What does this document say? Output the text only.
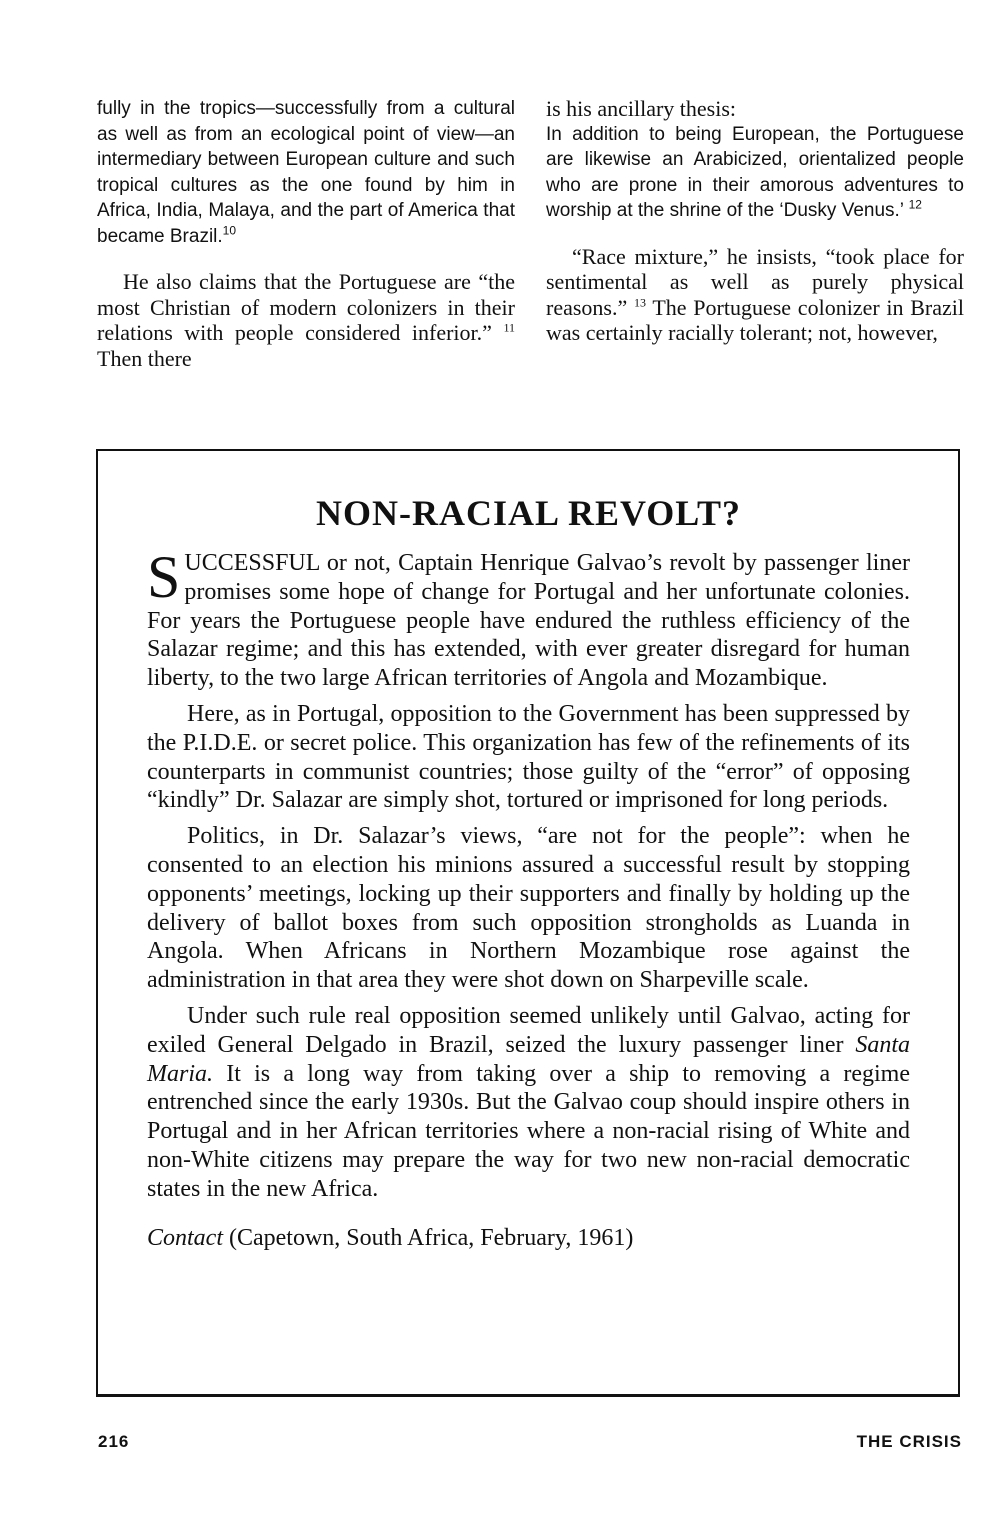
fully in the tropics—successfully from a cultural as well as from an ecological point of view—an intermediary between European culture and such tropical cultures as the one found by him in Africa, India, Malaya, and the part of America that became Brazil.$^{10}$

He also claims that the Portuguese are “the most Christian of modern colonizers in their relations with people considered inferior.” $^{11}$ Then there

is his ancillary thesis:

In addition to being European, the Portuguese are likewise an Arabicized, orientalized people who are prone in their amorous adventures to worship at the shrine of the ‘Dusky Venus.’ $^{12}$

“Race mixture,” he insists, “took place for sentimental as well as purely physical reasons.” $^{13}$ The Portuguese colonizer in Brazil was certainly racially tolerant; not, however,

NON-RACIAL REVOLT?

SUCCESSFUL or not, Captain Henrique Galvao’s revolt by passenger liner promises some hope of change for Portugal and her unfortunate colonies. For years the Portuguese people have endured the ruthless efficiency of the Salazar regime; and this has extended, with ever greater disregard for human liberty, to the two large African territories of Angola and Mozambique.

Here, as in Portugal, opposition to the Government has been suppressed by the P.I.D.E. or secret police. This organization has few of the refinements of its counterparts in communist countries; those guilty of the “error” of opposing “kindly” Dr. Salazar are simply shot, tortured or imprisoned for long periods.

Politics, in Dr. Salazar’s views, “are not for the people”: when he consented to an election his minions assured a successful result by stopping opponents’ meetings, locking up their supporters and finally by holding up the delivery of ballot boxes from such opposition strongholds as Luanda in Angola. When Africans in Northern Mozambique rose against the administration in that area they were shot down on Sharpeville scale.

Under such rule real opposition seemed unlikely until Galvao, acting for exiled General Delgado in Brazil, seized the luxury passenger liner Santa Maria. It is a long way from taking over a ship to removing a regime entrenched since the early 1930s. But the Galvao coup should inspire others in Portugal and in her African territories where a non-racial rising of White and non-White citizens may prepare the way for two new non-racial democratic states in the new Africa.

Contact (Capetown, South Africa, February, 1961)

216	THE CRISIS
